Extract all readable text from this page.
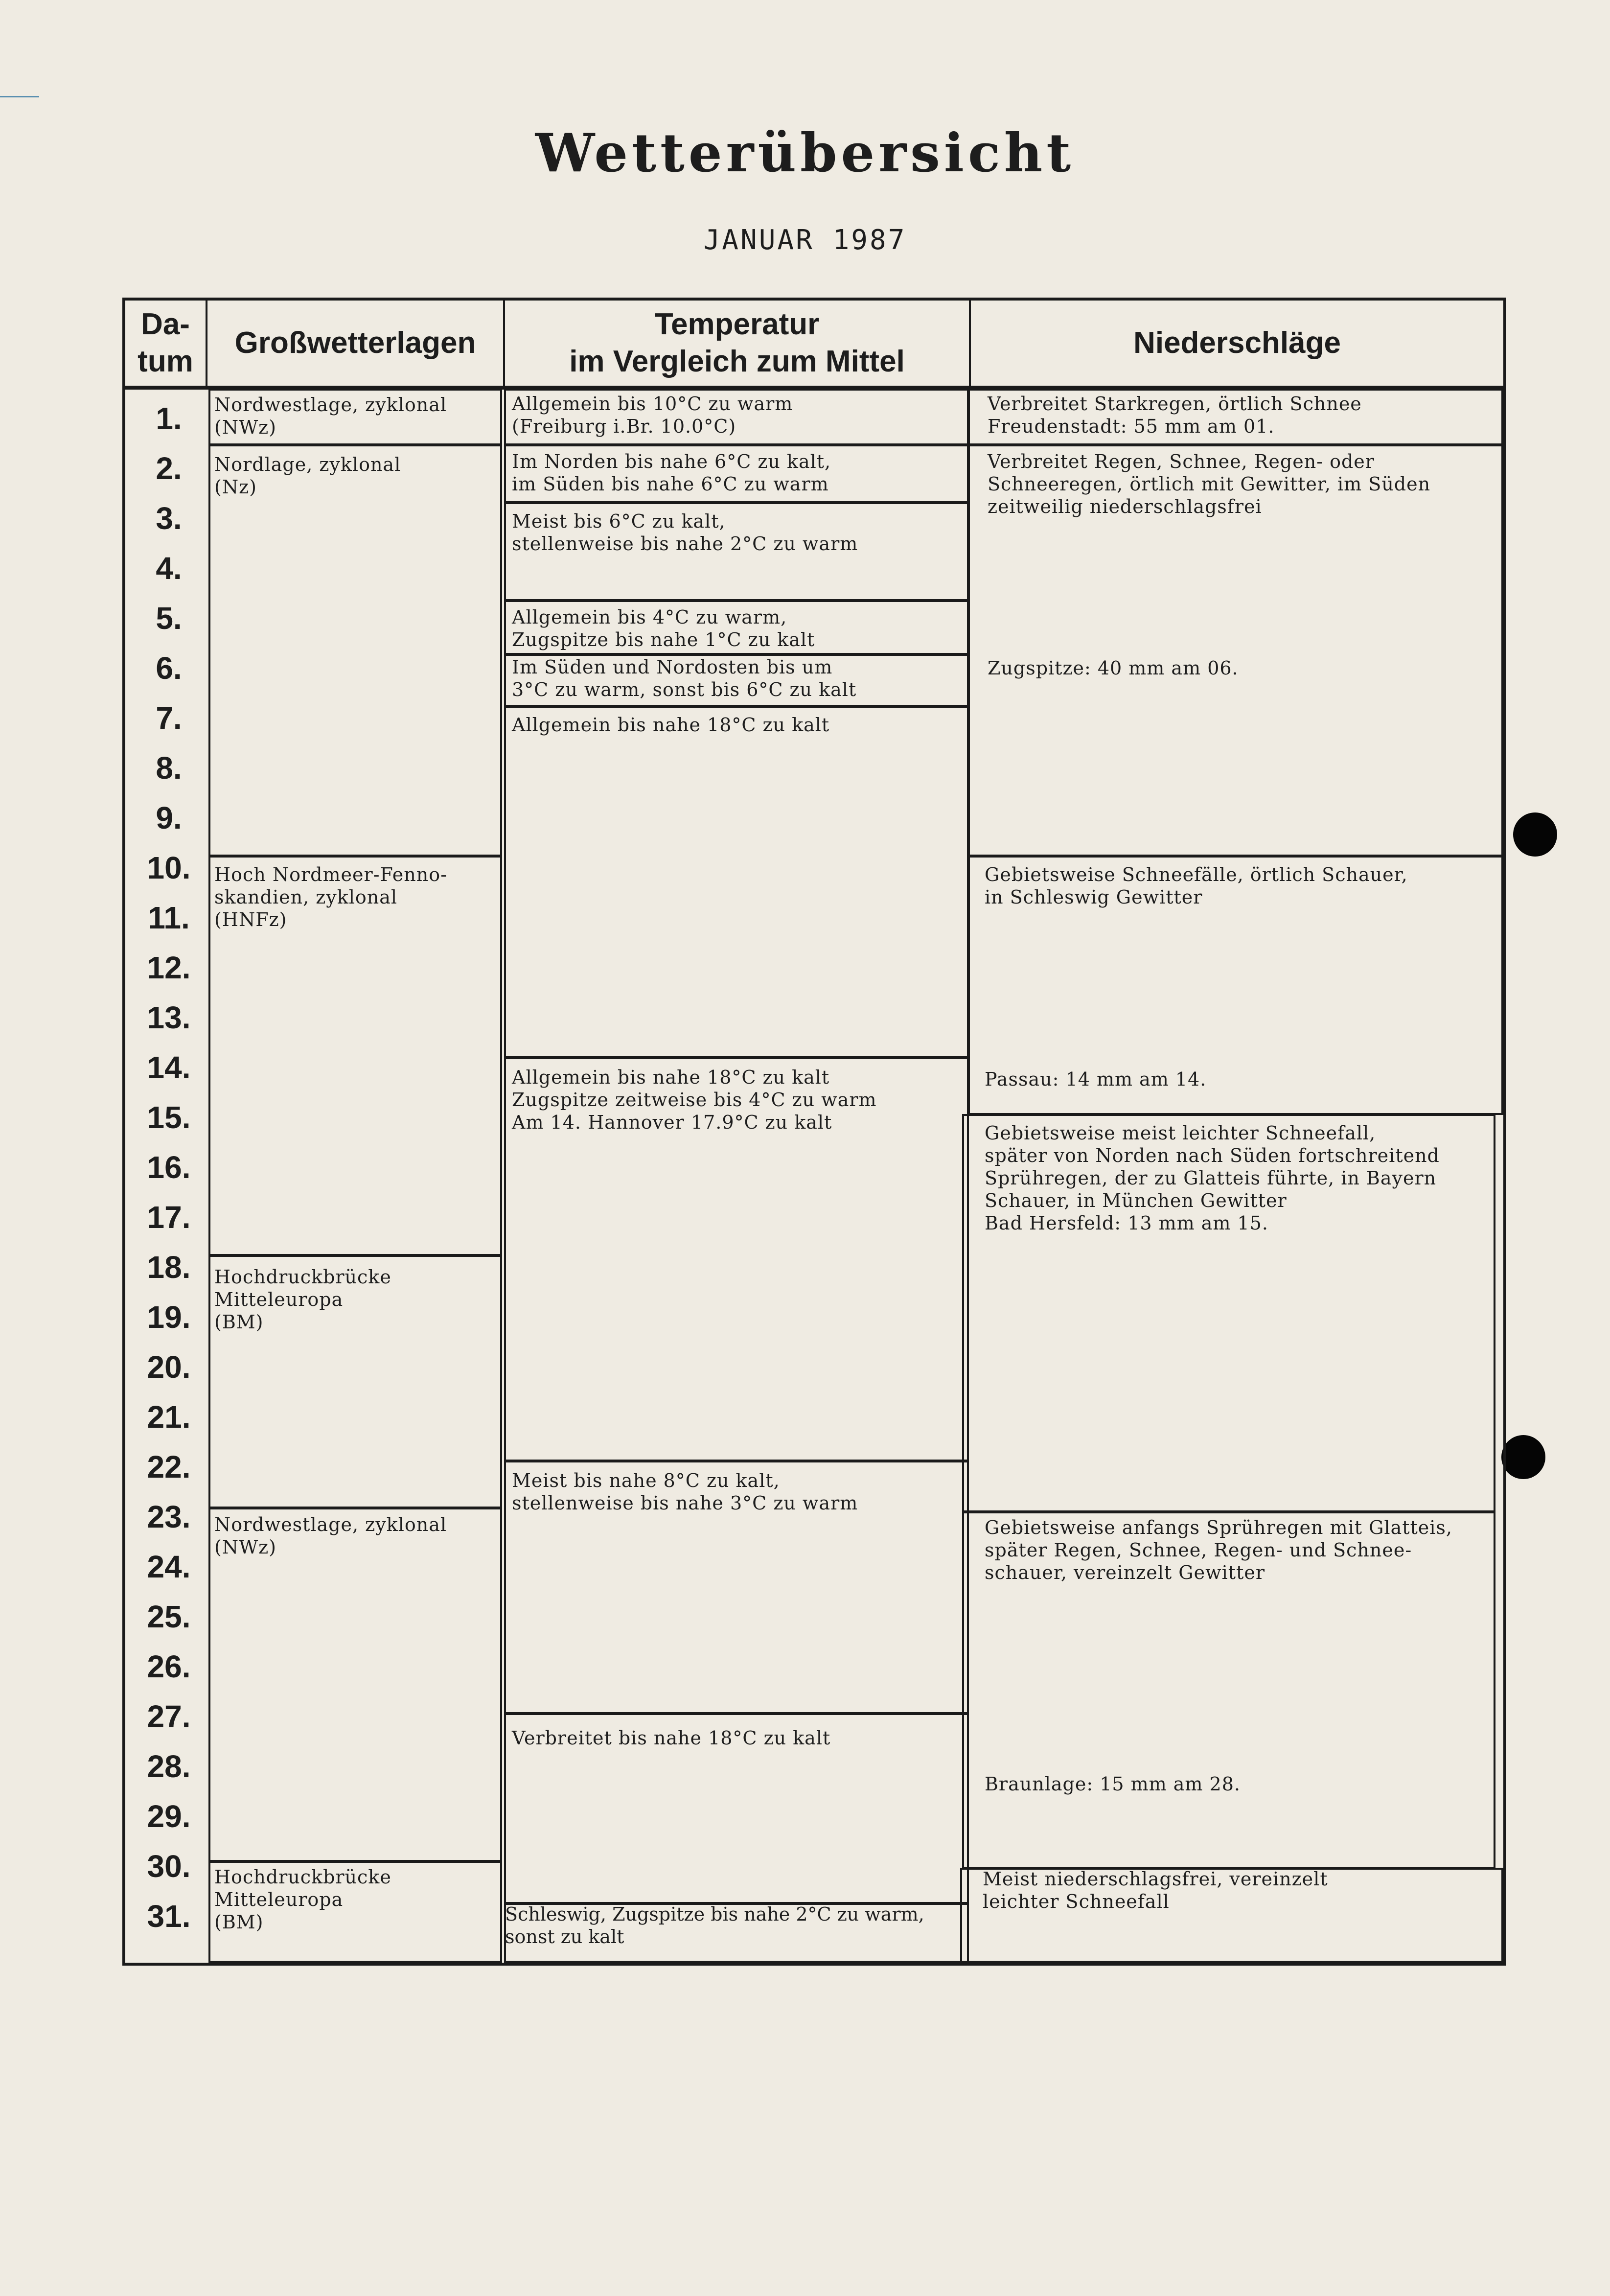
Wetterübersicht
JANUAR 1987
Da-
tum
Großwetterlagen
Temperatur
im Vergleich zum Mittel
Niederschläge
1.
2.
3.
4.
5.
6.
7.
8.
9.
10.
11.
12.
13.
14.
15.
16.
17.
18.
19.
20.
21.
22.
23.
24.
25.
26.
27.
28.
29.
30.
31.
Nordwestlage, zyklonal
(NWz)
Nordlage, zyklonal
(Nz)
Hoch Nordmeer-Fenno-
skandien, zyklonal
(HNFz)
Hochdruckbrücke
Mitteleuropa
(BM)
Nordwestlage, zyklonal
(NWz)
Hochdruckbrücke
Mitteleuropa
(BM)
Allgemein bis 10°C zu warm
(Freiburg i.Br. 10.0°C)
Im Norden bis nahe 6°C zu kalt,
im Süden bis nahe 6°C zu warm
Meist bis 6°C zu kalt,
stellenweise bis nahe 2°C zu warm
Allgemein bis 4°C zu warm,
Zugspitze bis nahe 1°C zu kalt
Im Süden und Nordosten bis um
3°C zu warm, sonst bis 6°C zu kalt
Allgemein bis nahe 18°C zu kalt
Allgemein bis nahe 18°C zu kalt
Zugspitze zeitweise bis 4°C zu warm
Am 14. Hannover 17.9°C zu kalt
Meist bis nahe 8°C zu kalt,
stellenweise bis nahe 3°C zu warm
Verbreitet bis nahe 18°C zu kalt
Schleswig, Zugspitze bis nahe 2°C zu warm,
sonst zu kalt
Verbreitet Starkregen, örtlich Schnee
Freudenstadt: 55 mm am 01.
Verbreitet Regen, Schnee, Regen- oder
Schneeregen, örtlich mit Gewitter, im Süden
zeitweilig niederschlagsfrei
Zugspitze: 40 mm am 06.
Gebietsweise Schneefälle, örtlich Schauer,
in Schleswig Gewitter
Passau: 14 mm am 14.
Gebietsweise meist leichter Schneefall,
später von Norden nach Süden fortschreitend
Sprühregen, der zu Glatteis führte, in Bayern
Schauer, in München Gewitter
Bad Hersfeld: 13 mm am 15.
Gebietsweise anfangs Sprühregen mit Glatteis,
später Regen, Schnee, Regen- und Schnee-
schauer, vereinzelt Gewitter
Braunlage: 15 mm am 28.
Meist niederschlagsfrei, vereinzelt
leichter Schneefall
